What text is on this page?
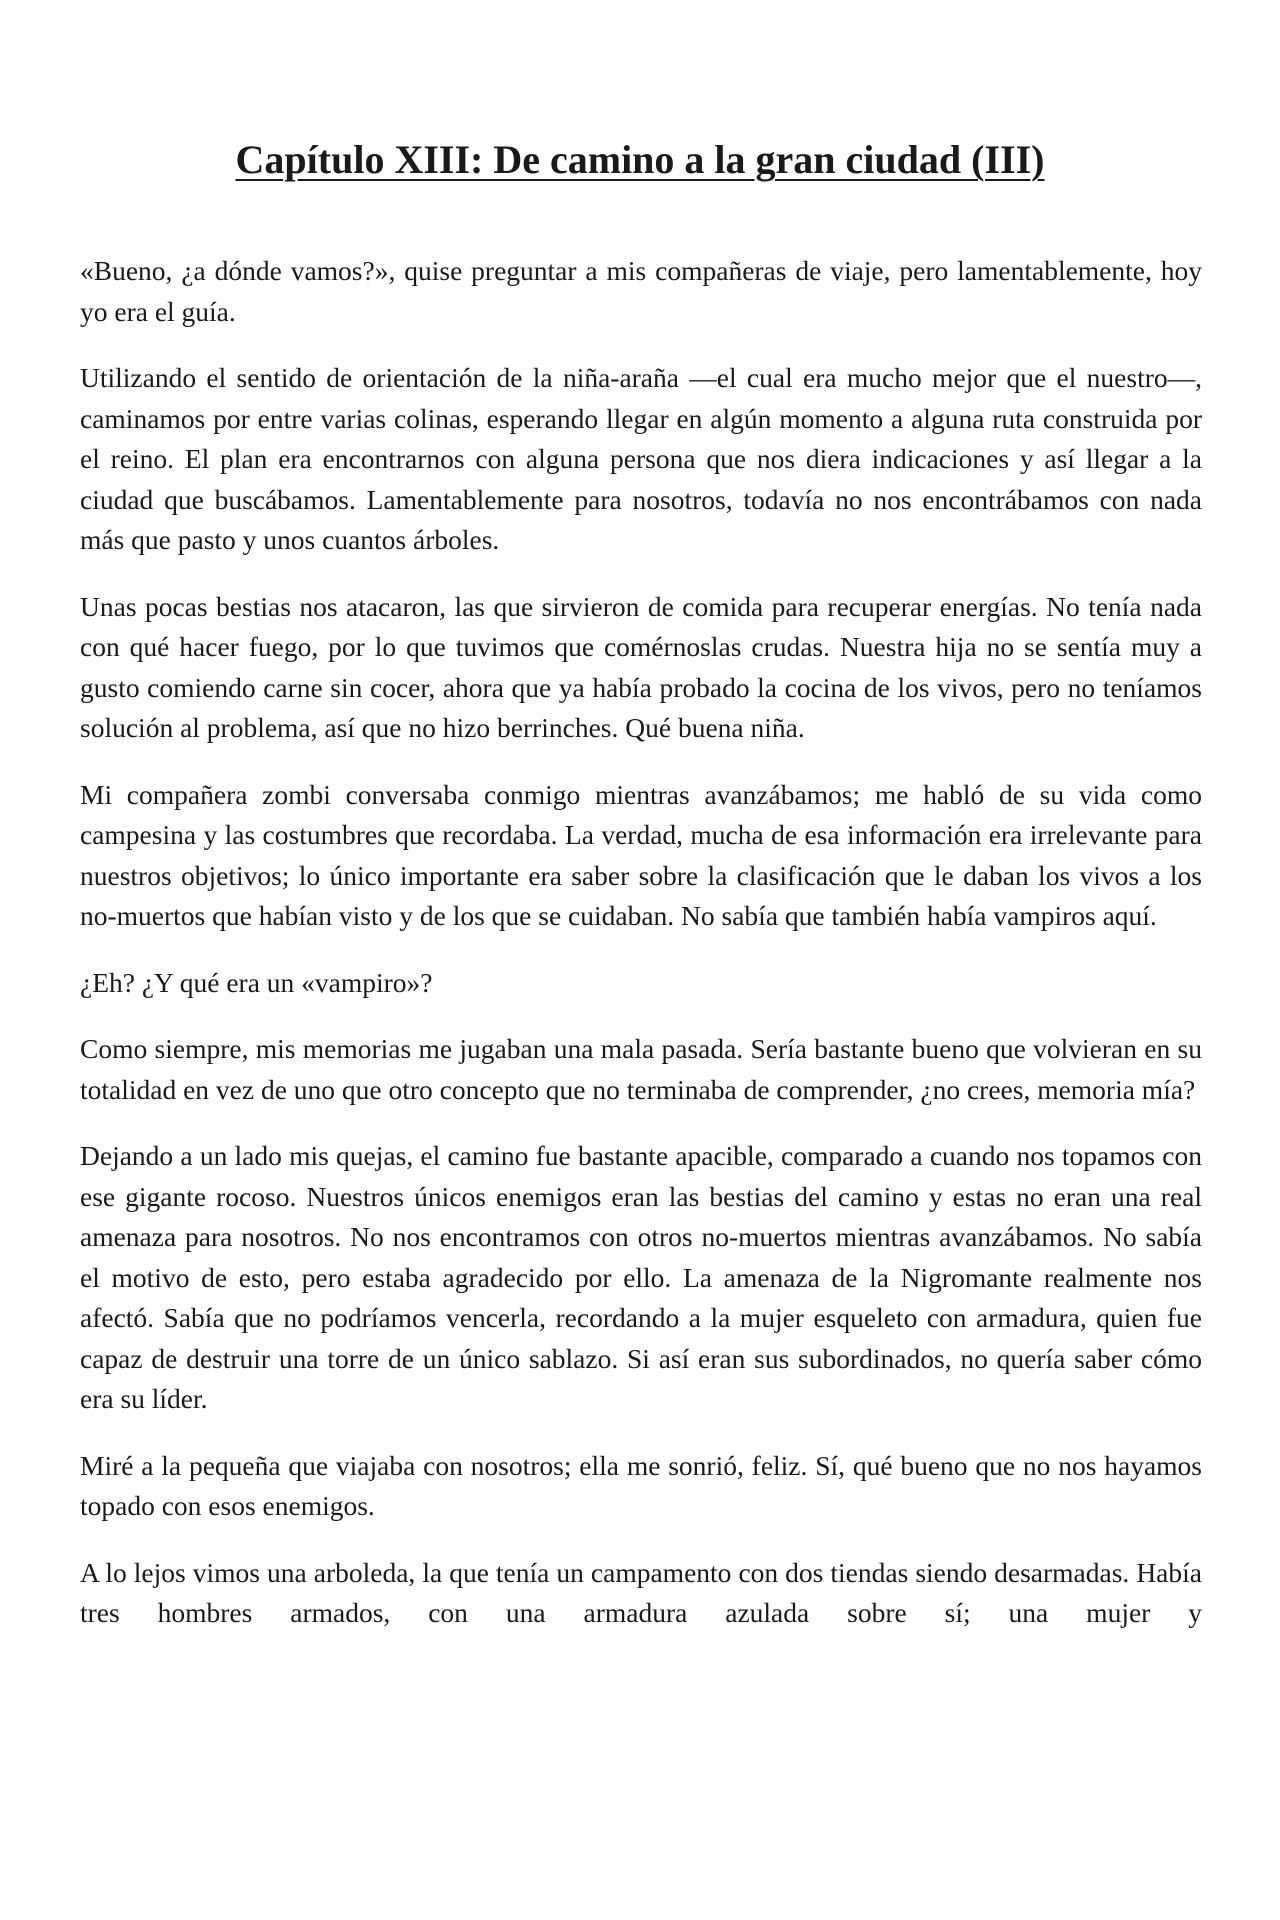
Capítulo XIII: De camino a la gran ciudad (III)

«Bueno, ¿a dónde vamos?», quise preguntar a mis compañeras de viaje, pero lamentablemente, hoy yo era el guía.

Utilizando el sentido de orientación de la niña-araña —el cual era mucho mejor que el nuestro—, caminamos por entre varias colinas, esperando llegar en algún momento a alguna ruta construida por el reino. El plan era encontrarnos con alguna persona que nos diera indicaciones y así llegar a la ciudad que buscábamos. Lamentablemente para nosotros, todavía no nos encontrábamos con nada más que pasto y unos cuantos árboles.

Unas pocas bestias nos atacaron, las que sirvieron de comida para recuperar energías. No tenía nada con qué hacer fuego, por lo que tuvimos que comérnoslas crudas. Nuestra hija no se sentía muy a gusto comiendo carne sin cocer, ahora que ya había probado la cocina de los vivos, pero no teníamos solución al problema, así que no hizo berrinches. Qué buena niña.

Mi compañera zombi conversaba conmigo mientras avanzábamos; me habló de su vida como campesina y las costumbres que recordaba. La verdad, mucha de esa información era irrelevante para nuestros objetivos; lo único importante era saber sobre la clasificación que le daban los vivos a los no-muertos que habían visto y de los que se cuidaban. No sabía que también había vampiros aquí.

¿Eh? ¿Y qué era un «vampiro»?

Como siempre, mis memorias me jugaban una mala pasada. Sería bastante bueno que volvieran en su totalidad en vez de uno que otro concepto que no terminaba de comprender, ¿no crees, memoria mía?

Dejando a un lado mis quejas, el camino fue bastante apacible, comparado a cuando nos topamos con ese gigante rocoso. Nuestros únicos enemigos eran las bestias del camino y estas no eran una real amenaza para nosotros. No nos encontramos con otros no-muertos mientras avanzábamos. No sabía el motivo de esto, pero estaba agradecido por ello. La amenaza de la Nigromante realmente nos afectó. Sabía que no podríamos vencerla, recordando a la mujer esqueleto con armadura, quien fue capaz de destruir una torre de un único sablazo. Si así eran sus subordinados, no quería saber cómo era su líder.

Miré a la pequeña que viajaba con nosotros; ella me sonrió, feliz. Sí, qué bueno que no nos hayamos topado con esos enemigos.

A lo lejos vimos una arboleda, la que tenía un campamento con dos tiendas siendo desarmadas. Había tres hombres armados, con una armadura azulada sobre sí; una mujer y
